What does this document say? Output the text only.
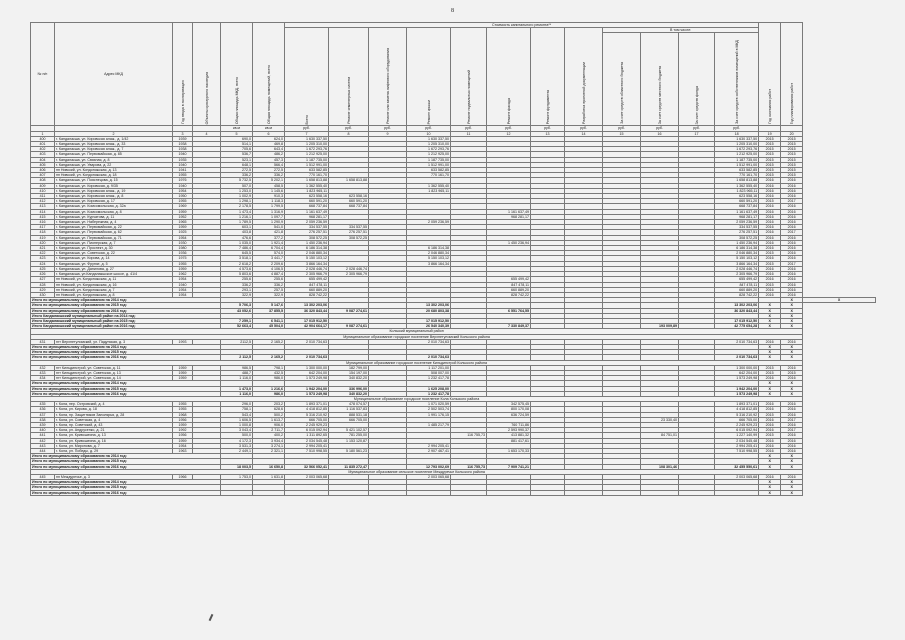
8
№ п/п	Адрес МКД	Год ввода в эксплуатацию	Объекты культурного наследия	Общая площадь МКД, всего	Общая площадь помещений, всего	Стоимость капитального ремонта**												Год окончания работ	Год планирования работ	
						Всего	Ремонт инженерных систем	Ремонт или замена лифтового оборудования	Ремонт крыши	Ремонт подвальных помещений	Ремонт фасада	Ремонт фундамента	Разработка проектной документации	В том числе:						
														За счет средств областного бюджета	За счет средств местного бюджета	За счет средств фонда	За счет средств собственников помещений в МКД			
				кв.м	кв.м	руб.	руб.	руб.	руб.	руб.	руб.	руб.	руб.	руб.	руб.	руб.	руб.			
1	2	3	4	5	6	7	8	9	10	11	12	13	14	15	16	17	18	19	20	
400	г. Кандалакша, ул. Кировская алаж., д. 1/42	1939		690,0	624,0	1 630 337,50			1 630 337,50								1 630 337,50	2015	2015	
401	г. Кандалакша, ул. Кировская алаж., д. 33	1938		514,1	469,8	1 205 310,00			1 205 310,00								1 205 310,00	2015	2015	
402	г. Кандалакша, ул. Кировская алаж., д. 7	1938		705,6	643,4	1 672 293,76			1 672 293,76								1 672 293,76	2015	2015	
403	г. Кандалакша, ул. Первомайская, д. 85	1940		536,7	486,2	1 212 925,00			1 212 925,00								1 212 925,00	2015	2015	
404	г. Кандалакша, ул. Связная, д. 8	1935		523,1	457,3	1 187 735,00			1 187 735,00								1 187 735,00	2015	2015	
405	г. Кандалакша, ул. Уварова, д. 22	1940		648,1	566,4	1 512 991,00			1 512 991,00								1 512 991,00	2015	2015	
406	нп Нивский, ул. Кондопожская, д. 13	1941		272,5	272,5	633 582,85			633 582,85								633 582,85	2015	2015	
407	нп Нивский, ул. Кондопожская, д. 18	1955		336,2	336,2	770 161,70			770 161,70								770 161,70	2015	2015	
408	г. Кандалакша, ул. Пояснецова, д. 15	1976		5 732,5	5 202,1	1 658 813,88	1 658 813,88										1 658 813,88	2016	2016	
409	г. Кандалакша, ул. Кировская, д. 9/35	1940		507,0	458,5	1 362 555,40			1 362 555,40								1 362 555,40	2016	2016	
410	г. Кандалакша, ул. Кировская алаж., д. 19	1954		1 253,0	1 145,6	1 823 965,11			1 823 965,11								1 823 965,11	2016	2016	
411	г. Кандалакша, ул. Кировская алаж., д. 8	1950		1 002,9	910,3	623 558,16	623 558,16										623 558,16	2016	2016	
412	г. Кандалакша, ул. Кировская, д. 17	1955		1 298,1	1 118,3	660 591,20	660 591,20										660 591,20	2015	2017	
413	г. Кандалакша, ул. Комсомольская, д. 32а	1969		2 178,5	1 799,5	668 737,84	668 737,84										668 737,84	2016	2016	
414	г. Кандалакша, ул. Комсомольская, д. 8	1959		1 473,4	1 316,9	1 161 637,49					1 161 637,49						1 161 637,49	2016	2016	
415	г. Кандалакша, ул. Курчатова, д. 11	1952		1 216,1	1 097,7	968 281,17					968 281,17						968 281,17	2016	2016	
416	г. Кандалакша, ул. Набережная, д. 4	1965		1 789,5	1 290,9	2 059 236,59			2 059 236,59								2 059 236,59	2016	2016	
417	г. Кандалакша, ул. Первомайская, д. 22	1959		603,1	541,0	334 537,55	334 537,55										334 537,55	2016	2016	
418	г. Кандалакша, ул. Первомайская, д. 62	1925		403,8	421,8	276 257,51	276 257,51										276 257,51	2016	2017	
419	г. Кандалакша, ул. Первомайская, д. 71	1954		476,6	377,2	308 572,25	308 572,25										308 572,25	2016	2016	
420	г. Кандалакша, ул. Пионерская, д. 7	1930		1 035,0	1 921,4	1 450 236,94					1 450 236,94						1 450 236,94	2016	2016	
421	г. Кандалакша, ул. Проспект, д. 30	1980		7 486,4	6 704,4	6 186 314,38			6 186 314,38								6 186 314,38	2016	2016	
422	г. Кандалакша, ул. Советская, д. 22	1936		645,5	574,0	2 046 880,34			2 046 880,34								2 046 880,34	2015	2016	
423	г. Кандалакша, ул. Кирова, д. 14	1975		3 518,1	3 441,7	5 150 103,12			5 150 103,12								5 150 103,12	2016	2016	
424	г. Кандалакша, ул. Фрунзе, д. 5	1955		2 618,2	2 209,6	3 866 164,34			3 866 164,34								3 866 164,34	2015	2017	
425	г. Кандалакша, ул. Данилова, д. 27	1959		4 573,6	4 106,5	2 028 446,74	2 028 446,74										2 028 446,74	2016	2016	
426	г. Кандалакша, ул.Кандалакшское шоссе, д. 41/4	1962		5 803,6	4 887,4	2 305 966,79	2 305 966,79										2 305 966,79	2016	2016	
427	нп Нивский, ул. Кондопожская, д. 11	1954		255,6	255,6	655 499,42					655 499,42						655 499,42	2016	2016	
428	нп Нивский, ул. Кондопожская, д. 16	1940		336,2	336,2	847 478,11					847 478,11						847 478,11	2015	2016	
429	нп Нивский, ул. Кондопожская, д. 7	1954		293,1	257,5	660 889,20					660 889,20						660 889,20	2016	2016	
430	нп Нивский, ул. Кондопожская, д. 8	1954		322,9	322,9	828 742,22					828 742,22						828 742,22	2016	2016	
Итого по муниципальному образованию на 2014 год:																			X	X
Итого по муниципальному образованию на 2015 год:				5 706,3	5 147,6	13 302 203,06			13 302 203,06								13 302 203,06	X	X	
Итого по муниципальному образованию на 2016 год:				43 052,6	37 855,5	36 320 843,44	9 087 274,61		20 680 803,38		6 551 764,55						36 320 843,44	X	X	
Итого Кандалакшский муниципальный район на 2014 год:																		X	X	
Итого Кандалакшский муниципальный район на 2015 год:				7 259,1	6 541,1	17 015 912,50			17 015 912,50								17 015 912,50	X	X	
Итого Кандалакшский муниципальный район на 2016 год:				52 663,4	45 504,0	42 904 664,17	9 087 274,61		26 540 340,39		7 330 849,37				193 009,89		42 775 654,28	X	X	
Кольский муниципальный район																				
Муниципальное образование городское поселение Верхнетуломский Кольского района																				
431	пгт Верхнетуломский, ул. Падунская, д. 3	1993		2112,5	2 165,2	2 010 734,63			2 010 734,63								2 010 734,63	2016	2016	
Итого по муниципальному образованию на 2014 год:																		X	X	
Итого по муниципальному образованию на 2015 год:																		X	X	
Итого по муниципальному образованию на 2016 год:				2 112,5	2 165,2	2 010 734,63			2 010 734,63								2 010 734,63	X	X	
Муниципальное образование городское поселение Кильдинстрой Кольского района																				
432	пгт Кильдинстрой, ул. Советская, д. 11	1959		986,5	798,1	1 300 000,00	182 799,00		1 117 201,00								1 300 000,00	2015	2016	
433	пгт Кильдинстрой, ул. Советская, д. 13	1959		488,7	432,5	642 204,00	154 197,00		508 007,00								642 204,00	2015	2015	
434	пгт Кильдинстрой, ул. Советская, д. 14	1959		1 116,0	986,0	1 573 249,98	340 832,20		1 232 417,78								1 573 249,98	2016	2016	
Итого по муниципальному образованию на 2014 год:																		X	X	
Итого по муниципальному образованию на 2015 год:				1 473,0	1 216,6	1 942 204,00	336 996,00		1 625 208,00								1 942 204,00	X	X	
Итого по муниципальному образованию на 2016 год:				1 116,0	986,0	1 573 249,98	340 832,20		1 232 417,78								1 573 249,98	X	X	
Муниципальное образование городское поселение Кола Кольского района																				
435	г. Кола, пер. Островский, д. 4	1955		296,0	203,2	1 893 371,01	478 074,57		1 071 020,59		342 575,45						1 893 371,01	2016	2016	
436	г. Кола, ул. Кирова, д. 18	1955		758,1	628,6	4 418 812,85	1 116 537,83		2 502 503,74		800 170,08						4 418 812,85	2016	2016	
437	г. Кола, пр. Защитников Заполярья, д. 28	1968		543,4	500,2	5 316 210,92	888 531,18		1 991 176,15		636 724,59						5 316 210,92	2015	2016	
438	г. Кола, ул. Советская, д. 4	1956		1 606,5	1 613,7	666 705,00	666 705,00								23 330,40		666 705,00	2016	2017	
439	г. Кола, пр. Советский, д. 43	1959		1 000,8	906,0	2 245 929,23			1 485 217,79		760 711,86						2 245 929,23	2016	2016	
440	г. Кола, ул. Андрусенко, д. 21	1992		3 043,4	2 711,7	6 015 092,94	5 421 102,57				2 593 990,37						6 015 092,94	2016	2017	
441	г. Кола, ул. Кривошеина, д. 13	1956		500,0	400,2	1 311 892,65	781 255,00			116 755,73	413 881,32				84 751,01		1 227 140,99	2015	2016	
442	г. Кола, ул. Кривошеина, д. 16	1959		4 172,3	3 934,4	2 034 545,48	1 153 120,87				881 417,61						2 034 545,48	2016	2016	
443	г. Кола, ул. Миронова, д. 7	1954		3 531,3	3 274,1	2 994 205,41			2 994 205,41								2 994 205,41	2016	2016	
444	г. Кола, ул. Победы, д. 29	1963		2 449,1	2 321,1	7 510 998,55	5 180 561,23		2 907 467,41		1 653 170,33						7 510 998,55	2016	2016	
Итого по муниципальному образованию на 2014 год:																		X	X	
Итого по муниципальному образованию на 2015 год:																		X	X	
Итого по муниципальному образованию на 2016 год:				18 003,5	16 650,8	32 566 052,41	11 835 272,47		12 793 002,69	116 755,73	7 909 741,21				108 301,46		32 455 550,61	X	X	
Муниципальное образование сельское поселение Междуречье Кольского района																				
445	нп Междуречье, д. 3	1966		1 753,0	1 631,8	2 003 065,68			2 003 065,68								2 003 065,68	2016	2016	
Итого по муниципальному образованию на 2014 год:																		X	X	
Итого по муниципальному образованию на 2015 год:																		X	X	
Итого по муниципальному образованию на 2016 год:																		X	X	
